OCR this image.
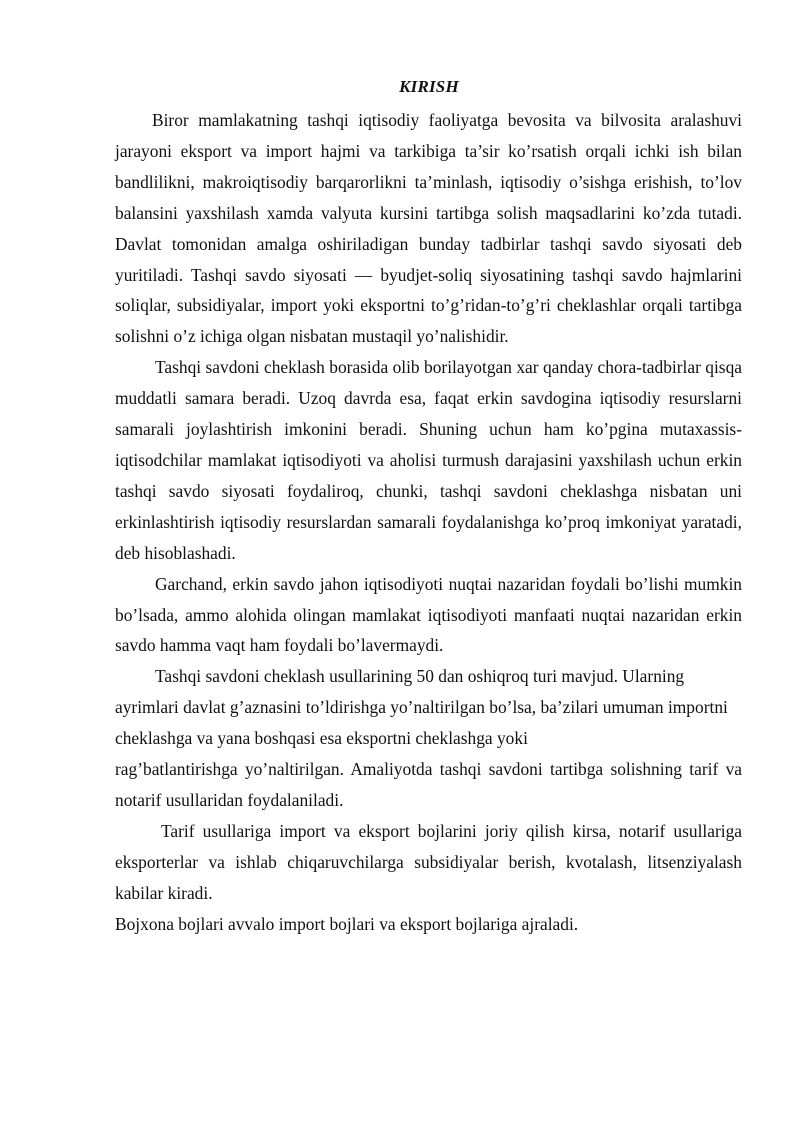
KIRISH

Biror mamlakatning tashqi iqtisodiy faoliyatga bevosita va bilvosita aralashuvi jarayoni eksport va import hajmi va tarkibiga ta’sir ko’rsatish orqali ichki ish bilan bandlilikni, makroiqtisodiy barqarorlikni ta’minlash, iqtisodiy o’sishga erishish, to’lov balansini yaxshilash xamda valyuta kursini tartibga solish maqsadlarini ko’zda tutadi. Davlat tomonidan amalga oshiriladigan bunday tadbirlar tashqi savdo siyosati deb yuritiladi. Tashqi savdo siyosati — byudjet-soliq siyosatining tashqi savdo hajmlarini soliqlar, subsidiyalar, import yoki eksportni to’g’ridan-to’g’ri cheklashlar orqali tartibga solishni o’z ichiga olgan nisbatan mustaqil yo’nalishidir.

Tashqi savdoni cheklash borasida olib borilayotgan xar qanday chora-tadbirlar qisqa muddatli samara beradi. Uzoq davrda esa, faqat erkin savdogina iqtisodiy resurslarni samarali joylashtirish imkonini beradi. Shuning uchun ham ko’pgina mutaxassis-iqtisodchilar mamlakat iqtisodiyoti va aholisi turmush darajasini yaxshilash uchun erkin tashqi savdo siyosati foydaliroq, chunki, tashqi savdoni cheklashga nisbatan uni erkinlashtirish iqtisodiy resurslardan samarali foydalanishga ko’proq imkoniyat yaratadi, deb hisoblashadi.

Garchand, erkin savdo jahon iqtisodiyoti nuqtai nazaridan foydali bo’lishi mumkin bo’lsada, ammo alohida olingan mamlakat iqtisodiyoti manfaati nuqtai nazaridan erkin savdo hamma vaqt ham foydali bo’lavermaydi.

Tashqi savdoni cheklash usullarining 50 dan oshiqroq turi mavjud. Ularning ayrimlari davlat g’aznasini to’ldirishga yo’naltirilgan bo’lsa, ba’zilari umuman importni cheklashga va yana boshqasi esa eksportni cheklashga yoki

rag’batlantirishga yo’naltirilgan. Amaliyotda tashqi savdoni tartibga solishning tarif va notarif usullaridan foydalaniladi.

Tarif usullariga import va eksport bojlarini joriy qilish kirsa, notarif usullariga eksporterlar va ishlab chiqaruvchilarga subsidiyalar berish, kvotalash, litsenziyalash kabilar kiradi.

Bojxona bojlari avvalo import bojlari va eksport bojlariga ajraladi.
